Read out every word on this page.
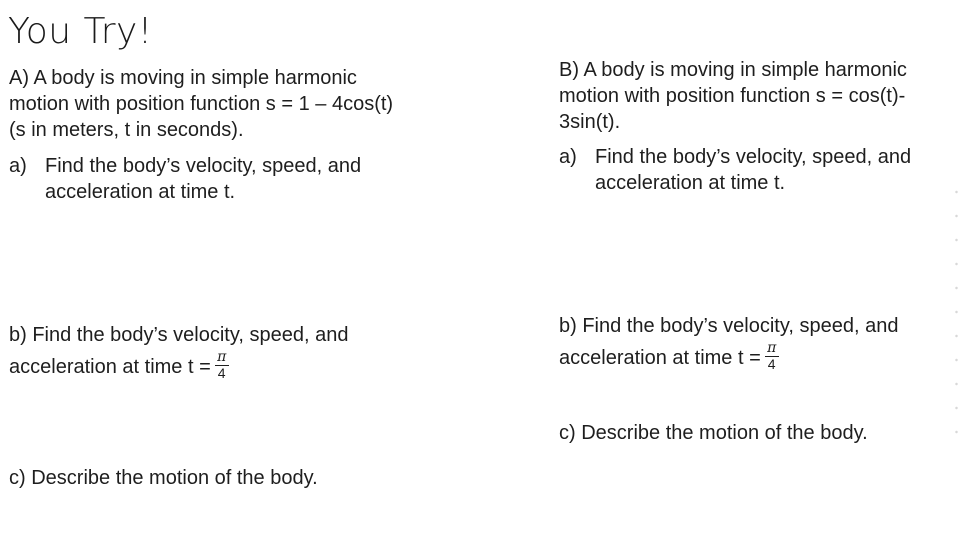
You Try!
A) A body is moving in simple harmonic
motion with position function s = 1 – 4cos(t)
(s in meters, t in seconds).
a) Find the body’s velocity, speed, and
acceleration at time t.
b) Find the body’s velocity, speed, and
acceleration at time $t = \frac{\pi}{4}$
c) Describe the motion of the body.
B) A body is moving in simple harmonic
motion with position function s = cos(t)-
3sin(t).
a) Find the body’s velocity, speed, and
acceleration at time t.
b) Find the body’s velocity, speed, and
acceleration at time $t = \frac{\pi}{4}$
c) Describe the motion of the body.
